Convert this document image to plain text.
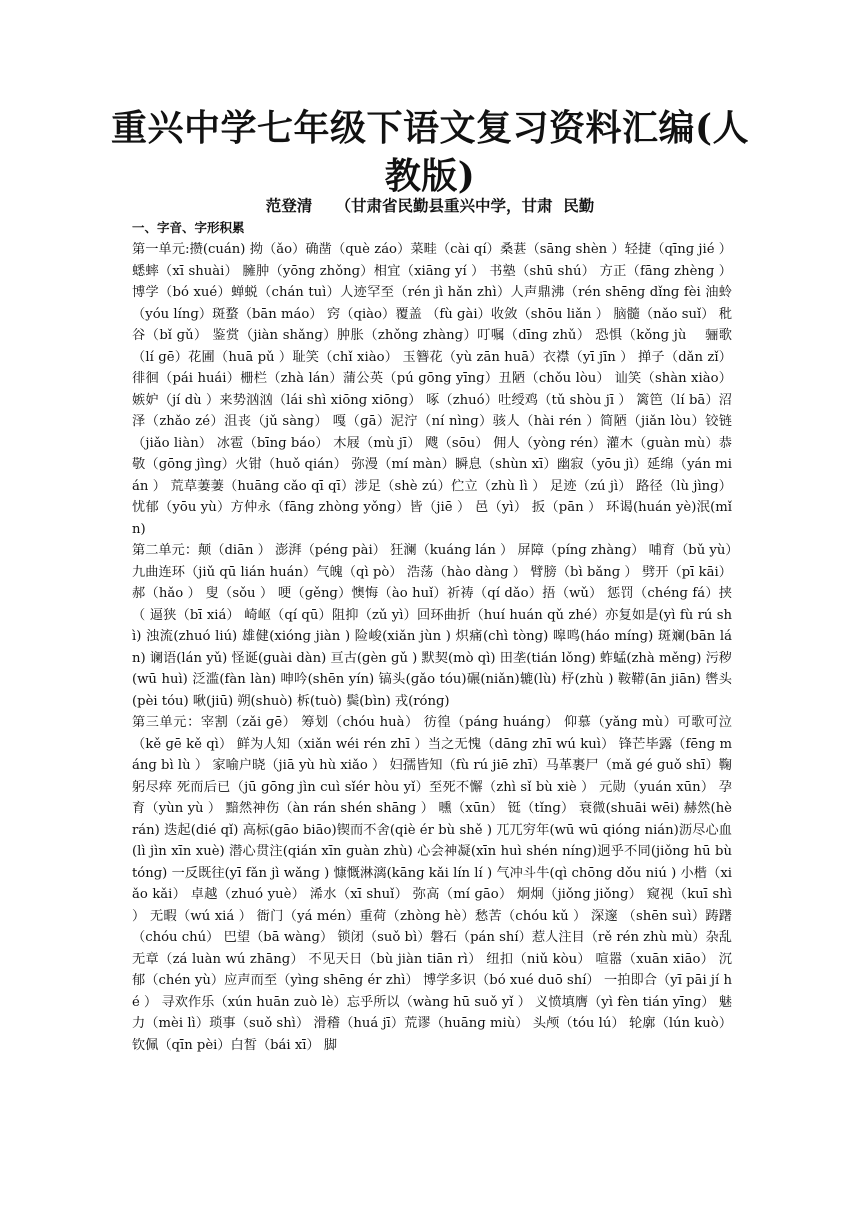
重兴中学七年级下语文复习资料汇编(人教版)
范登清　　（甘肃省民勤县重兴中学，甘肃  民勤
一、字音、字形积累

第一单元:攒(cuán) 拗（ǎo）确凿（què záo）菜畦（cài qí）桑葚（sānɡ shèn ）轻捷（qīnɡ jié ）蟋蟀（xī shuài） 臃肿（yōnɡ zhǒnɡ）相宜（xiānɡ yí ） 书塾（shū shú） 方正（fānɡ zhènɡ ） 博学（bó xué）蝉蜕（chán tuì）人迹罕至（rén jì hǎn zhì）人声鼎沸（rén shēnɡ dǐnɡ fèi 油蛉（yóu línɡ）斑蝥（bān máo） 窍（qiào）覆盖 （fù ɡài）收敛（shōu liǎn ） 脑髓（nǎo suǐ） 秕谷（bǐ ɡǔ） 鉴赏（jiàn shǎnɡ）肿胀（zhǒnɡ zhànɡ）叮嘱（dīnɡ zhǔ） 恐惧（kǒnɡ jù　 骊歌（lí ɡē）花圃（huā pǔ ）耻笑（chǐ xiào） 玉簪花（yù zān huā）衣襟（yī jīn ） 掸子（dǎn zǐ） 徘徊（pái huái）栅栏（zhà lán）蒲公英（pú ɡōnɡ yīnɡ）丑陋（chǒu lòu） 讪笑（shàn xiào）嫉妒（jí dù ）来势汹汹（lái shì xiōnɡ xiōnɡ） 啄（zhuó）吐绶鸡（tǔ shòu jī ） 篱笆（lí bā）沼泽（zhǎo zé）沮丧（jǔ sànɡ） 嘎（ɡā）泥泞（ní nìnɡ）骇人（hài rén ）简陋（jiǎn lòu）铰链（jiǎo liàn） 冰雹（bīnɡ báo） 木屐（mù jī） 飕（sōu） 佣人（yònɡ rén）灌木（ɡuàn mù）恭敬（ɡōnɡ jìnɡ）火钳（huǒ qián） 弥漫（mí màn）瞬息（shùn xī）幽寂（yōu jì）延绵（yán mián ） 荒草萋萋（huānɡ cǎo qī qī）涉足（shè zú）伫立（zhù lì ） 足迹（zú jì） 路径（lù jìnɡ）忧郁（yōu yù）方仲永（fānɡ zhònɡ yǒnɡ）皆（jiē ） 邑（yì） 扳（pān ） 环谒(huán yè)泯(mǐn)

第二单元：颠（diān ） 澎湃（pénɡ pài） 狂澜（kuánɡ lán ） 屏障（pínɡ zhànɡ） 哺育（bǔ yù）九曲连环（jiǔ qū lián huán）气魄（qì pò） 浩荡（hào dànɡ ） 臂膀（bì bǎnɡ ） 劈开（pī kāi） 郝（hǎo ） 叟（sǒu ） 哽（ɡěnɡ）懊悔（ào huǐ）祈祷（qí dǎo）捂（wǔ） 惩罚（chénɡ fá）挟（ 逼狭（bī xiá） 崎岖（qí qū）阻抑（zǔ yì）回环曲折（huí huán qǔ zhé）亦复如是(yì fù rú shì) 浊流(zhuó liú) 雄健(xiónɡ jiàn ) 险峻(xiǎn jùn ) 炽痛(chì tònɡ) 嗥鸣(háo mínɡ) 斑斓(bān lán) 谰语(lán yǔ) 怪诞(ɡuài dàn) 亘古(ɡèn ɡǔ ) 默契(mò qì) 田垄(tián lǒnɡ) 蚱蜢(zhà měnɡ) 污秽(wū huì) 泛滥(fàn làn) 呻吟(shēn yín) 镐头(ɡǎo tóu)碾(niǎn)辘(lù) 杼(zhù ) 鞍鞯(ān jiān) 辔头(pèi tóu) 啾(jiū) 朔(shuò) 柝(tuò) 鬓(bìn) 戎(rónɡ)

第三单元：宰割（zǎi ɡē） 筹划（chóu huà） 彷徨（pánɡ huánɡ） 仰慕（yǎnɡ mù）可歌可泣（kě ɡē kě qì） 鲜为人知（xiǎn wéi rén zhī ）当之无愧（dānɡ zhī wú kuì） 锋芒毕露（fēnɡ mánɡ bì lù ） 家喻户晓（jiā yù hù xiǎo ） 妇孺皆知（fù rú jiē zhī）马革裹尸（mǎ ɡé ɡuǒ shī）鞠躬尽瘁 死而后已（jū ɡōnɡ jìn cuì sǐér hòu yǐ）至死不懈（zhì sǐ bù xiè ） 元勋（yuán xūn） 孕育（yùn yù ） 黯然神伤（àn rán shén shānɡ ） 曛（xūn） 铤（tǐnɡ） 衰微(shuāi wēi) 赫然(hè rán) 迭起(dié qǐ) 高标(ɡāo biāo)锲而不舍(qiè ér bù shě ) 兀兀穷年(wū wū qiónɡ nián)沥尽心血(lì jìn xīn xuè) 潜心贯注(qián xīn ɡuàn zhù) 心会神凝(xīn huì shén nínɡ)迥乎不同(jiǒnɡ hū bù tónɡ) 一反既往(yī fǎn jì wǎnɡ ) 慷慨淋漓(kānɡ kǎi lín lí ) 气冲斗牛(qì chōnɡ dǒu niú ) 小楷（xiǎo kǎi） 卓越（zhuó yuè） 浠水（xī shuǐ） 弥高（mí ɡāo） 炯炯（jiǒnɡ jiǒnɡ） 窥视（kuī shì ） 无暇（wú xiá ） 衙门（yá mén）重荷（zhònɡ hè）愁苦（chóu kǔ ） 深邃 （shēn suì）踌躇（chóu chú） 巴望（bā wànɡ） 锁闭（suǒ bì）磐石（pán shí）惹人注目（rě rén zhù mù）杂乱无章（zá luàn wú zhānɡ） 不见天日（bù jiàn tiān rì） 纽扣（niǔ kòu） 喧嚣（xuān xiāo） 沉郁（chén yù）应声而至（yìnɡ shēnɡ ér zhì） 博学多识（bó xué duō shí） 一拍即合（yī pāi jí hé ） 寻欢作乐（xún huān zuò lè）忘乎所以（wànɡ hū suǒ yǐ ） 义愤填膺（yì fèn tián yīnɡ） 魅力（mèi lì）琐事（suǒ shì） 滑稽（huá jī）荒谬（huānɡ miù） 头颅（tóu lú） 轮廓（lún kuò） 钦佩（qīn pèi）白皙（bái xī） 脚
